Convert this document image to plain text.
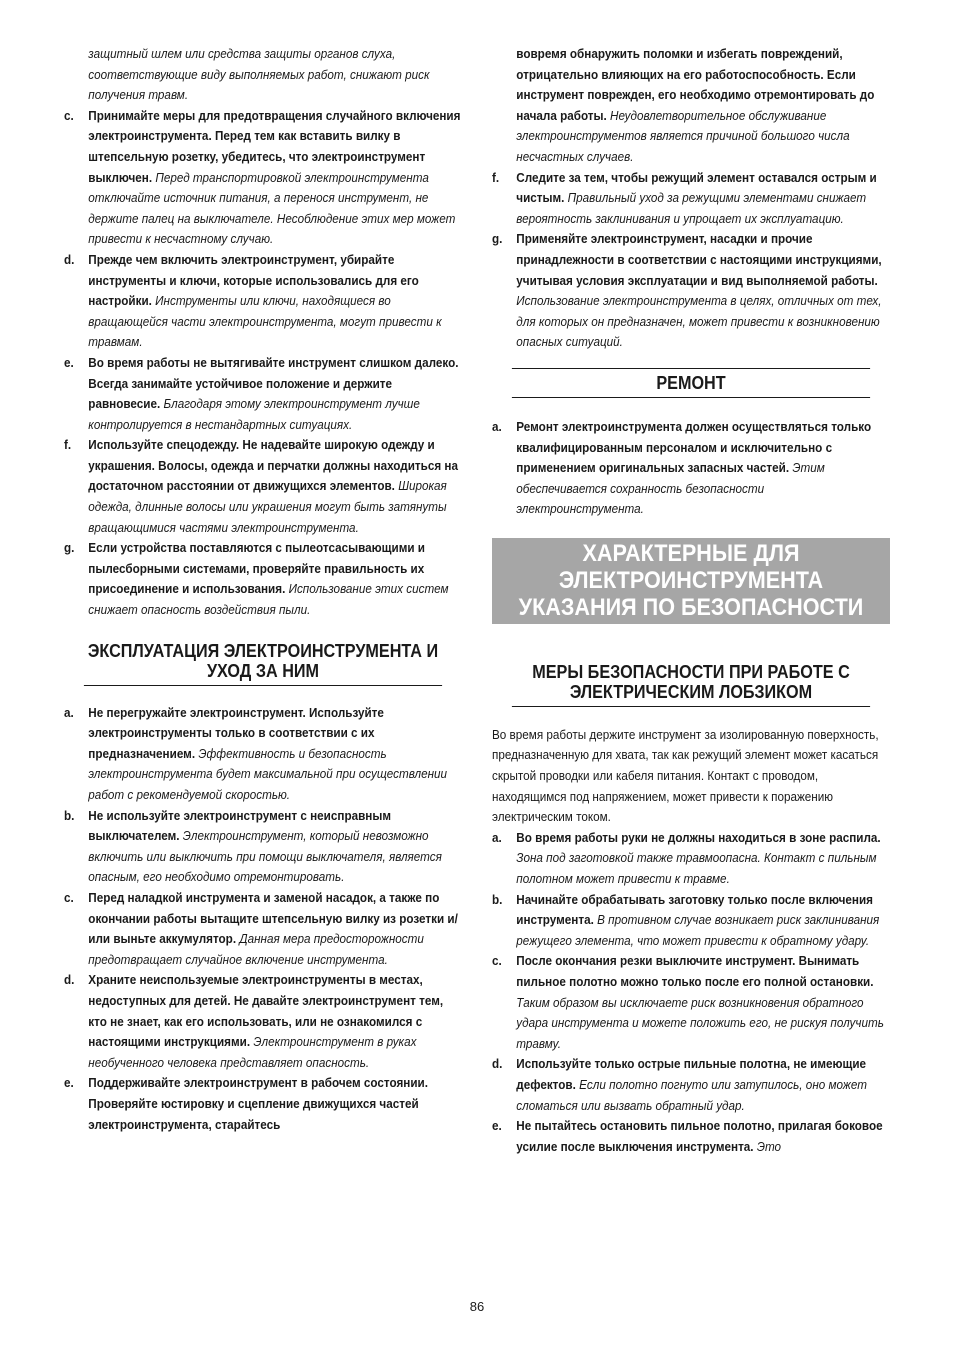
защитный шлем или средства защиты органов слуха, соответствующие виду выполняемых работ, снижают риск получения травм.
c. Принимайте меры для предотвращения случайного включения электроинструмента. Перед тем как вставить вилку в штепсельную розетку, убедитесь, что электроинструмент выключен. Перед транспортировкой электроинструмента отключайте источник питания, а перенося инструмент, не держите палец на выключателе. Несоблюдение этих мер может привести к несчастному случаю.
d. Прежде чем включить электроинструмент, убирайте инструменты и ключи, которые использовались для его настройки. Инструменты или ключи, находящиеся во вращающейся части электроинструмента, могут привести к травмам.
e. Во время работы не вытягивайте инструмент слишком далеко. Всегда занимайте устойчивое положение и держите равновесие. Благодаря этому электроинструмент лучше контролируется в нестандартных ситуациях.
f. Используйте спецодежду. Не надевайте широкую одежду и украшения. Волосы, одежда и перчатки должны находиться на достаточном расстоянии от движущихся элементов. Широкая одежда, длинные волосы или украшения могут быть затянуты вращающимися частями электроинструмента.
g. Если устройства поставляются с пылеотсасывающими и пылесборными системами, проверяйте правильность их присоединение и использования. Использование этих систем снижает опасность воздействия пыли.
ЭКСПЛУАТАЦИЯ ЭЛЕКТРОИНСТРУМЕНТА И УХОД ЗА НИМ
a. Не перегружайте электроинструмент. Используйте электроинструменты только в соответствии с их предназначением. Эффективность и безопасность электроинструмента будет максимальной при осуществлении работ с рекомендуемой скоростью.
b. Не используйте электроинструмент с неисправным выключателем. Электроинструмент, который невозможно включить или выключить при помощи выключателя, является опасным, его необходимо отремонтировать.
c. Перед наладкой инструмента и заменой насадок, а также по окончании работы вытащите штепсельную вилку из розетки и/или выньте аккумулятор. Данная мера предосторожности предотвращает случайное включение инструмента.
d. Храните неиспользуемые электроинструменты в местах, недоступных для детей. Не давайте электроинструмент тем, кто не знает, как его использовать, или не ознакомился с настоящими инструкциями. Электроинструмент в руках необученного человека представляет опасность.
e. Поддерживайте электроинструмент в рабочем состоянии. Проверяйте юстировку и сцепление движущихся частей электроинструмента, старайтесь
вовремя обнаружить поломки и избегать повреждений, отрицательно влияющих на его работоспособность. Если инструмент поврежден, его необходимо отремонтировать до начала работы. Неудовлетворительное обслуживание электроинструментов является причиной большого числа несчастных случаев.
f. Следите за тем, чтобы режущий элемент оставался острым и чистым. Правильный уход за режущими элементами снижает вероятность заклинивания и упрощает их эксплуатацию.
g. Применяйте электроинструмент, насадки и прочие принадлежности в соответствии с настоящими инструкциями, учитывая условия эксплуатации и вид выполняемой работы. Использование электроинструмента в целях, отличных от тех, для которых он предназначен, может привести к возникновению опасных ситуаций.
РЕМОНТ
a. Ремонт электроинструмента должен осуществляться только квалифицированным персоналом и исключительно с применением оригинальных запасных частей. Этим обеспечивается сохранность безопасности электроинструмента.
ХАРАКТЕРНЫЕ ДЛЯ ЭЛЕКТРОИНСТРУМЕНТА УКАЗАНИЯ ПО БЕЗОПАСНОСТИ
МЕРЫ БЕЗОПАСНОСТИ ПРИ РАБОТЕ С ЭЛЕКТРИЧЕСКИМ ЛОБЗИКОМ
Во время работы держите инструмент за изолированную поверхность, предназначенную для хвата, так как режущий элемент может касаться скрытой проводки или кабеля питания. Контакт с проводом, находящимся под напряжением, может привести к поражению электрическим током.
a. Во время работы руки не должны находиться в зоне распила. Зона под заготовкой также травмоопасна. Контакт с пильным полотном может привести к травме.
b. Начинайте обрабатывать заготовку только после включения инструмента. В противном случае возникает риск заклинивания режущего элемента, что может привести к обратному удару.
c. После окончания резки выключите инструмент. Вынимать пильное полотно можно только после его полной остановки. Таким образом вы исключаете риск возникновения обратного удара инструмента и можете положить его, не рискуя получить травму.
d. Используйте только острые пильные полотна, не имеющие дефектов. Если полотно погнуто или затупилось, оно может сломаться или вызвать обратный удар.
e. Не пытайтесь остановить пильное полотно, прилагая боковое усилие после выключения инструмента. Это
86
